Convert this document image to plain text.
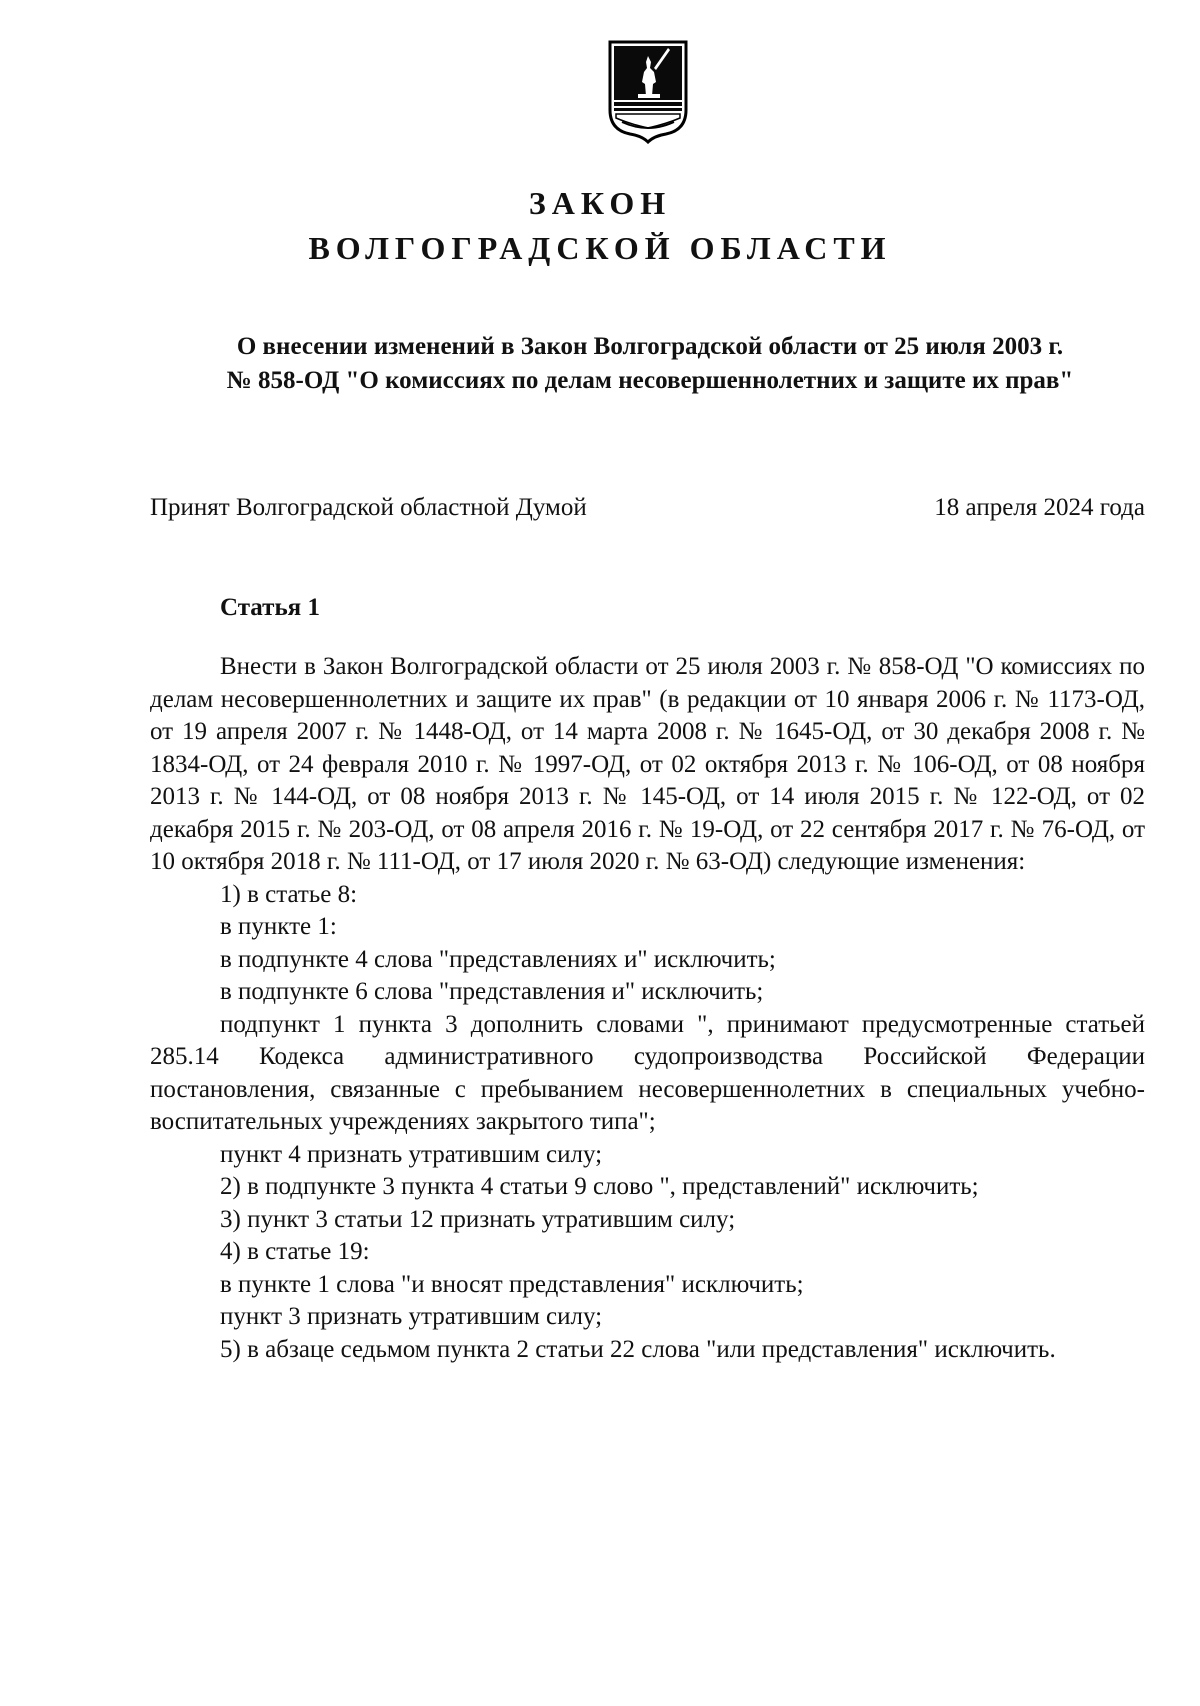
ЗАКОН
ВОЛГОГРАДСКОЙ ОБЛАСТИ
О внесении изменений в Закон Волгоградской области от 25 июля 2003 г.
№ 858-ОД "О комиссиях по делам несовершеннолетних и защите их прав"
Принят Волгоградской областной Думой	18 апреля 2024 года
Статья 1

Внести в Закон Волгоградской области от 25 июля 2003 г. № 858-ОД "О комиссиях по делам несовершеннолетних и защите их прав" (в редакции от 10 января 2006 г. № 1173-ОД, от 19 апреля 2007 г. № 1448-ОД, от 14 марта 2008 г. № 1645-ОД, от 30 декабря 2008 г. № 1834-ОД, от 24 февраля 2010 г. № 1997-ОД, от 02 октября 2013 г. № 106-ОД, от 08 ноября 2013 г. № 144-ОД, от 08 ноября 2013 г. № 145-ОД, от 14 июля 2015 г. № 122-ОД, от 02 декабря 2015 г. № 203-ОД, от 08 апреля 2016 г. № 19-ОД, от 22 сентября 2017 г. № 76-ОД, от 10 октября 2018 г. № 111-ОД, от 17 июля 2020 г. № 63-ОД) следующие изменения:

1) в статье 8:

в пункте 1:

в подпункте 4 слова "представлениях и" исключить;

в подпункте 6 слова "представления и" исключить;

подпункт 1 пункта 3 дополнить словами ", принимают предусмотренные статьей 285.14 Кодекса административного судопроизводства Российской Федерации постановления, связанные с пребыванием несовершеннолетних в специальных учебно-воспитательных учреждениях закрытого типа";

пункт 4 признать утратившим силу;

2) в подпункте 3 пункта 4 статьи 9 слово ", представлений" исключить;

3) пункт 3 статьи 12 признать утратившим силу;

4) в статье 19:

в пункте 1 слова "и вносят представления" исключить;

пункт 3 признать утратившим силу;

5) в абзаце седьмом пункта 2 статьи 22 слова "или представления" исключить.
